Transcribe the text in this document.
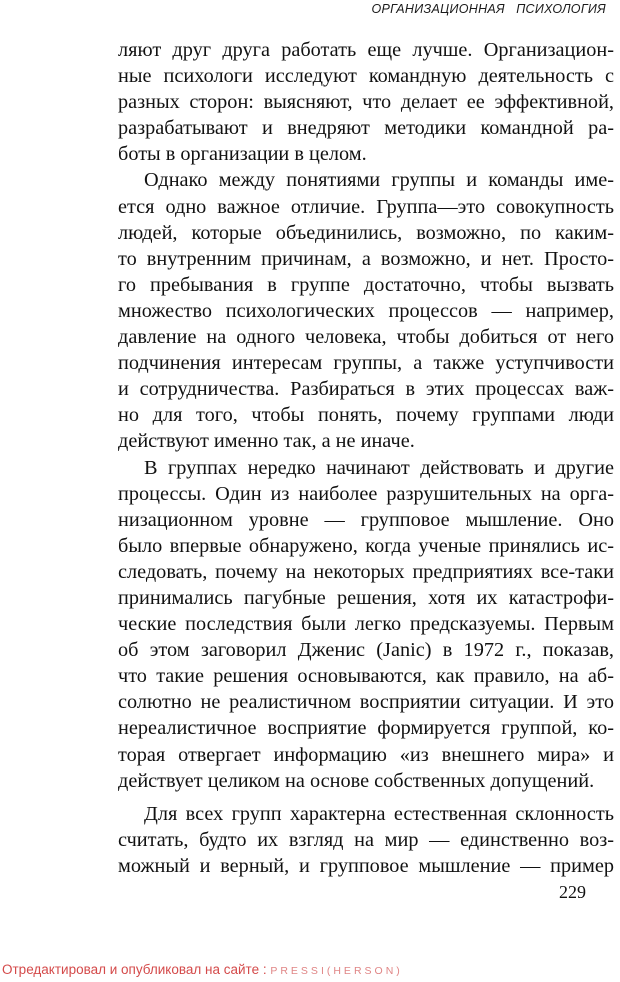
ОРГАНИЗАЦИОННАЯ   ПСИХОЛОГИЯ
ляют друг друга работать еще лучше. Организацион-
ные психологи исследуют командную деятельность с
разных сторон: выясняют, что делает ее эффективной,
разрабатывают и внедряют методики командной ра-
боты в организации в целом.
Однако между понятиями группы и команды име-
ется одно важное отличие. Группа—это совокупность
людей, которые объединились, возможно, по каким-
то внутренним причинам, а возможно, и нет. Просто-
го пребывания в группе достаточно, чтобы вызвать
множество психологических процессов — например,
давление на одного человека, чтобы добиться от него
подчинения интересам группы, а также уступчивости
и сотрудничества. Разбираться в этих процессах важ-
но для того, чтобы понять, почему группами люди
действуют именно так, а не иначе.
В группах нередко начинают действовать и другие
процессы. Один из наиболее разрушительных на орга-
низационном уровне — групповое мышление. Оно
было впервые обнаружено, когда ученые принялись ис-
следовать, почему на некоторых предприятиях все-таки
принимались пагубные решения, хотя их катастрофи-
ческие последствия были легко предсказуемы. Первым
об этом заговорил Дженис (Janic) в 1972 г., показав,
что такие решения основываются, как правило, на аб-
солютно не реалистичном восприятии ситуации. И это
нереалистичное восприятие формируется группой, ко-
торая отвергает информацию «из внешнего мира» и
действует целиком на основе собственных допущений.
Для всех групп характерна естественная склонность
считать, будто их взгляд на мир — единственно воз-
можный и верный, и групповое мышление — пример
229
Отредактировал и опубликовал на сайте : PRESSI(HERSON)
